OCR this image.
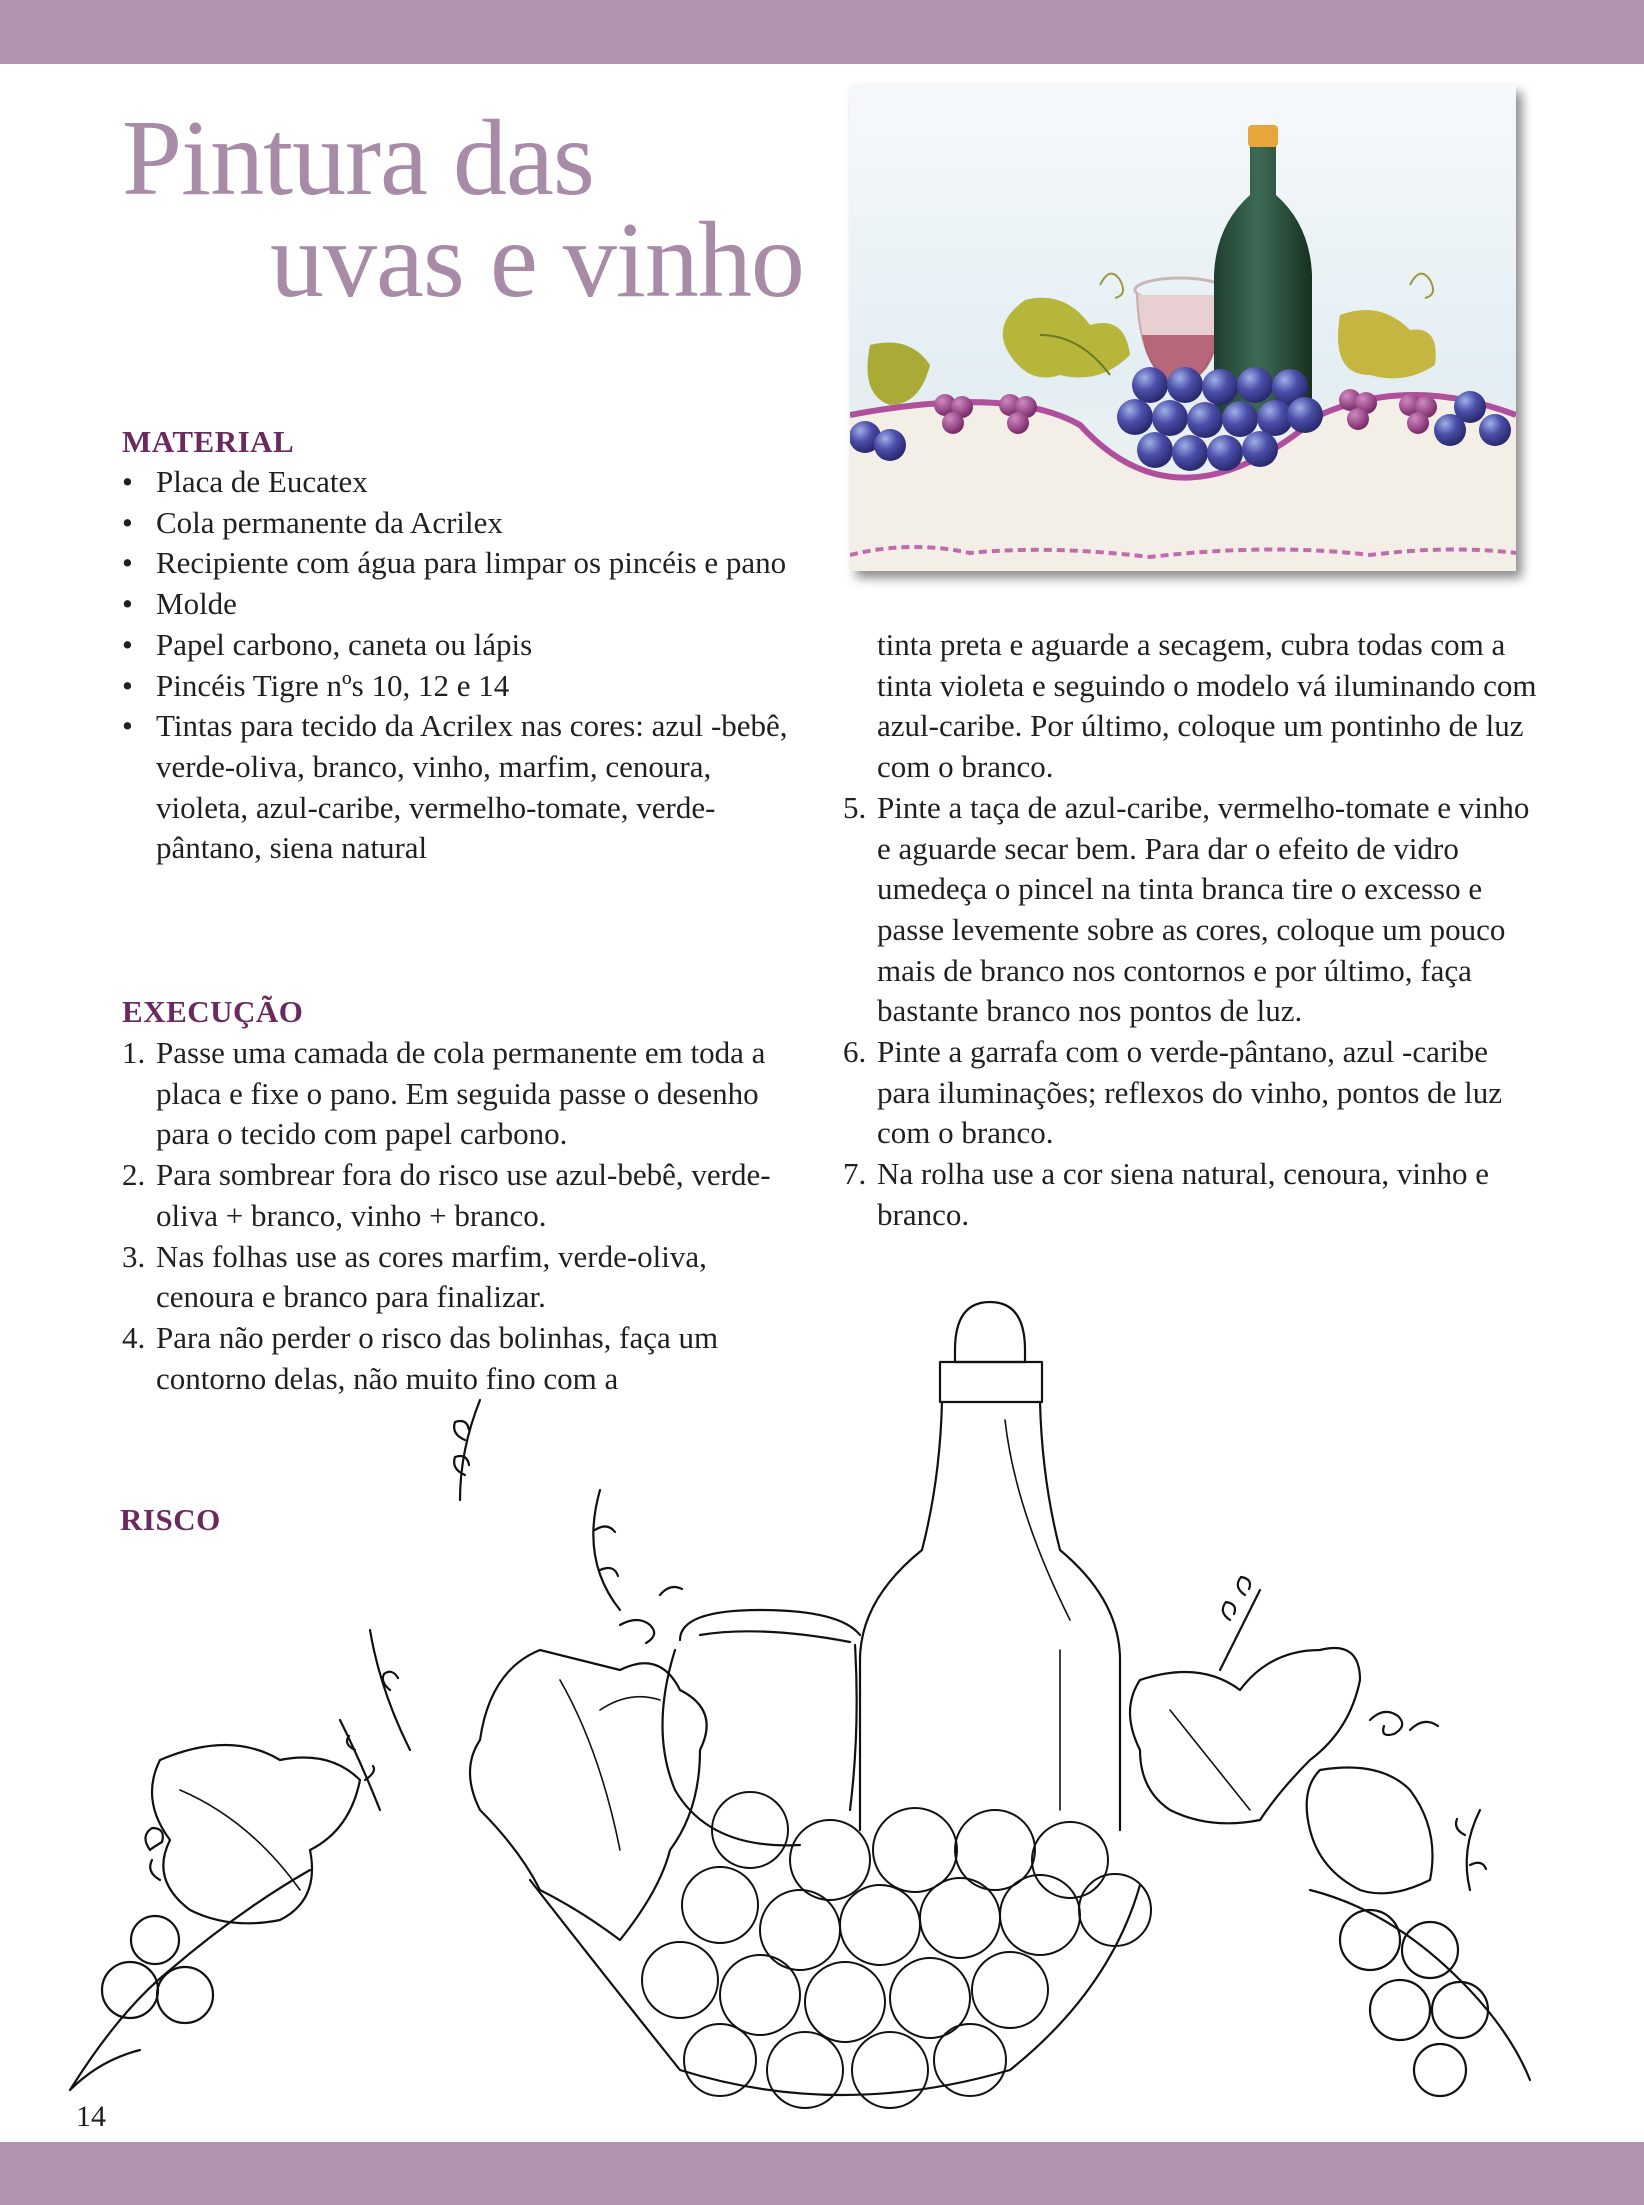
Pintura das
uvas e vinho
MATERIAL
• Placa de Eucatex
• Cola permanente da Acrilex
• Recipiente com água para limpar os pincéis e pano
• Molde
• Papel carbono, caneta ou lápis
• Pincéis Tigre nºs 10, 12 e 14
• Tintas para tecido da Acrilex nas cores: azul -bebê, verde-oliva, branco, vinho, marfim, cenoura, violeta, azul-caribe, vermelho-tomate, verde-pântano, siena natural
EXECUÇÃO
1. Passe uma camada de cola permanente em toda a placa e fixe o pano. Em seguida passe o desenho para o tecido com papel carbono.
2. Para sombrear fora do risco use azul-bebê, verde-oliva + branco, vinho + branco.
3. Nas folhas use as cores marfim, verde-oliva, cenoura e branco para finalizar.
4. Para não perder o risco das bolinhas, faça um contorno delas, não muito fino com a
tinta preta e aguarde a secagem, cubra todas com a tinta violeta e seguindo o modelo vá iluminando com azul-caribe. Por último, coloque um pontinho de luz com o branco.
5. Pinte a taça de azul-caribe, vermelho-tomate e vinho e aguarde secar bem. Para dar o efeito de vidro umedeça o pincel na tinta branca tire o excesso e passe levemente sobre as cores, coloque um pouco mais de branco nos contornos e por último, faça bastante branco nos pontos de luz.
6. Pinte a garrafa com o verde-pântano, azul -caribe para iluminações; reflexos do vinho, pontos de luz com o branco.
7. Na rolha use a cor siena natural, cenoura, vinho e branco.
RISCO
14
